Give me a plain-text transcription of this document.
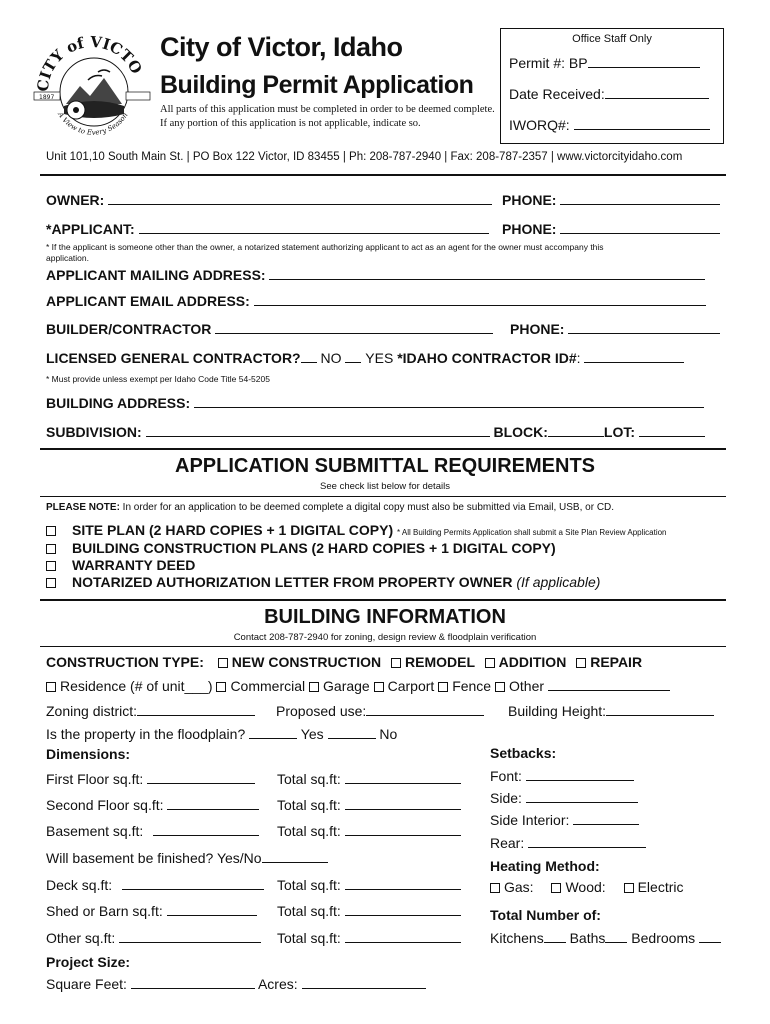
CITY of VICTO
A View to Every Season
1897
City of Victor, Idaho
Building Permit Application
All parts of this application must be completed in order to be deemed complete. If any portion of this application is not applicable, indicate so.
Office Staff Only
Permit #: BP
Date Received:
IWORQ#:
Unit 101,10 South Main St. | PO Box 122 Victor, ID 83455 | Ph: 208-787-2940 | Fax: 208-787-2357 | www.victorcityidaho.com
OWNER:	PHONE:
*APPLICANT:	PHONE:
* If the applicant is someone other than the owner, a notarized statement authorizing applicant to act as an agent for the owner must accompany this application.
APPLICANT MAILING ADDRESS:
APPLICANT EMAIL ADDRESS:
BUILDER/CONTRACTOR	PHONE:
LICENSED GENERAL CONTRACTOR? NO YES *IDAHO CONTRACTOR ID#:
* Must provide unless exempt per Idaho Code Title 54-5205
BUILDING ADDRESS:
SUBDIVISION:	BLOCK:	LOT:
APPLICATION SUBMITTAL REQUIREMENTS
See check list below for details
PLEASE NOTE: In order for an application to be deemed complete a digital copy must also be submitted via Email, USB, or CD.
SITE PLAN (2 HARD COPIES + 1 DIGITAL COPY) * All Building Permits Application shall submit a Site Plan Review Application
BUILDING CONSTRUCTION PLANS (2 HARD COPIES + 1 DIGITAL COPY)
WARRANTY DEED
NOTARIZED AUTHORIZATION LETTER FROM PROPERTY OWNER (If applicable)
BUILDING INFORMATION
Contact 208-787-2940 for zoning, design review & floodplain verification
CONSTRUCTION TYPE: NEW CONSTRUCTION REMODEL ADDITION REPAIR
Residence (# of unit___) Commercial Garage Carport Fence Other
Zoning district:	Proposed use:	Building Height:
Is the property in the floodplain?	Yes	No
Dimensions:	Setbacks:
First Floor sq.ft:	Total sq.ft:
Second Floor sq.ft:	Total sq.ft:
Basement sq.ft:	Total sq.ft:
Will basement be finished? Yes/No
Deck sq.ft:	Total sq.ft:
Shed or Barn sq.ft:	Total sq.ft:
Other sq.ft:	Total sq.ft:
Project Size:
Square Feet:	Acres:
Font:
Side:
Side Interior:
Rear:
Heating Method:
Gas: Wood: Electric
Total Number of:
Kitchens Baths Bedrooms
